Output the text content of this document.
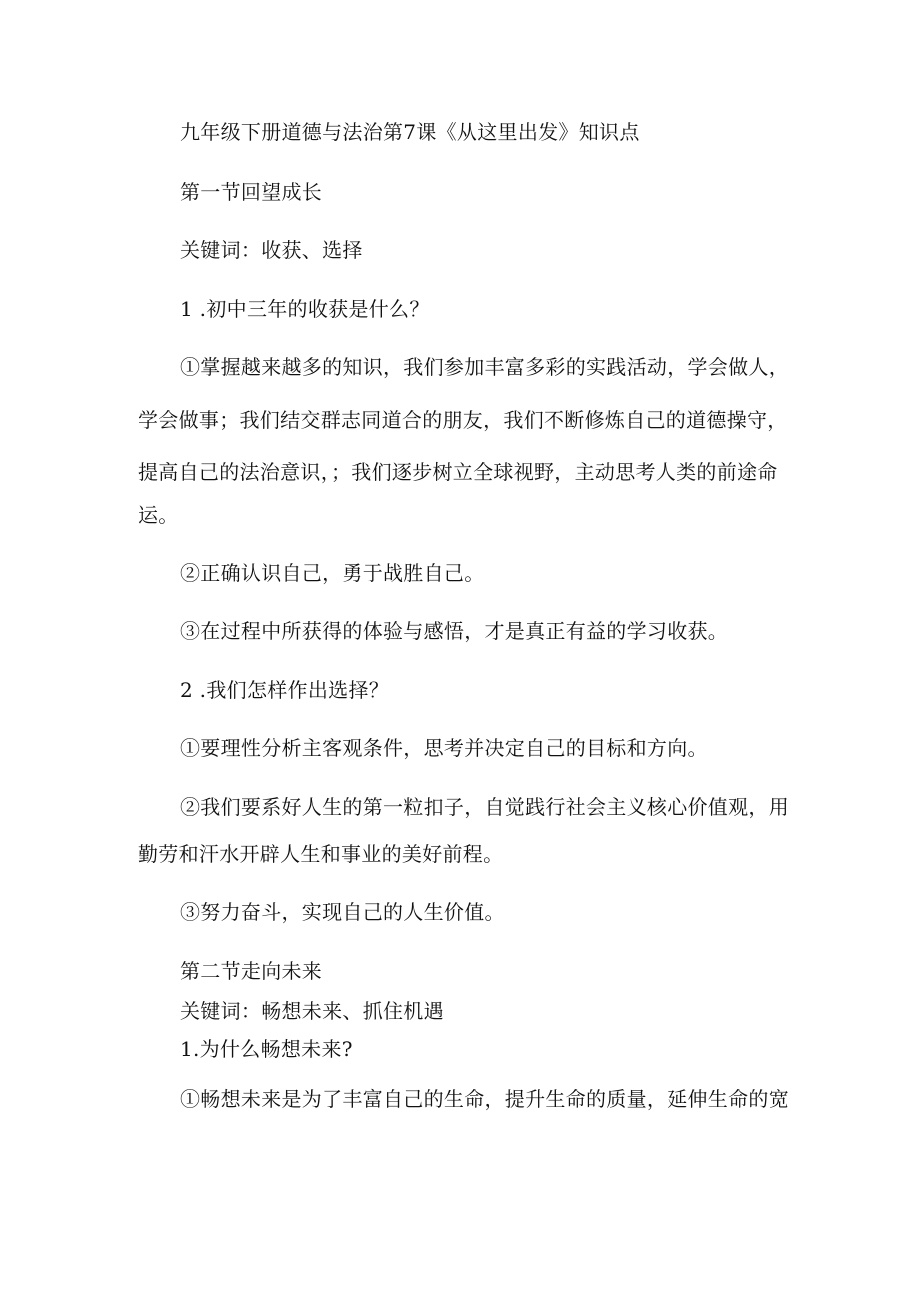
九年级下册道德与法治第7课《从这里出发》知识点
第一节回望成长
关键词：收获、选择
1 .初中三年的收获是什么？
①掌握越来越多的知识，我们参加丰富多彩的实践活动，学会做人，
学会做事；我们结交群志同道合的朋友，我们不断修炼自己的道德操守，
提高自己的法治意识，；我们逐步树立全球视野，主动思考人类的前途命
运。
②正确认识自己，勇于战胜自己。
③在过程中所获得的体验与感悟，才是真正有益的学习收获。
2 .我们怎样作出选择？
①要理性分析主客观条件，思考并决定自己的目标和方向。
②我们要系好人生的第一粒扣子，自觉践行社会主义核心价值观，用
勤劳和汗水开辟人生和事业的美好前程。
③努力奋斗，实现自己的人生价值。
第二节走向未来
关键词：畅想未来、抓住机遇
1.为什么畅想未来?
①畅想未来是为了丰富自己的生命，提升生命的质量，延伸生命的宽
